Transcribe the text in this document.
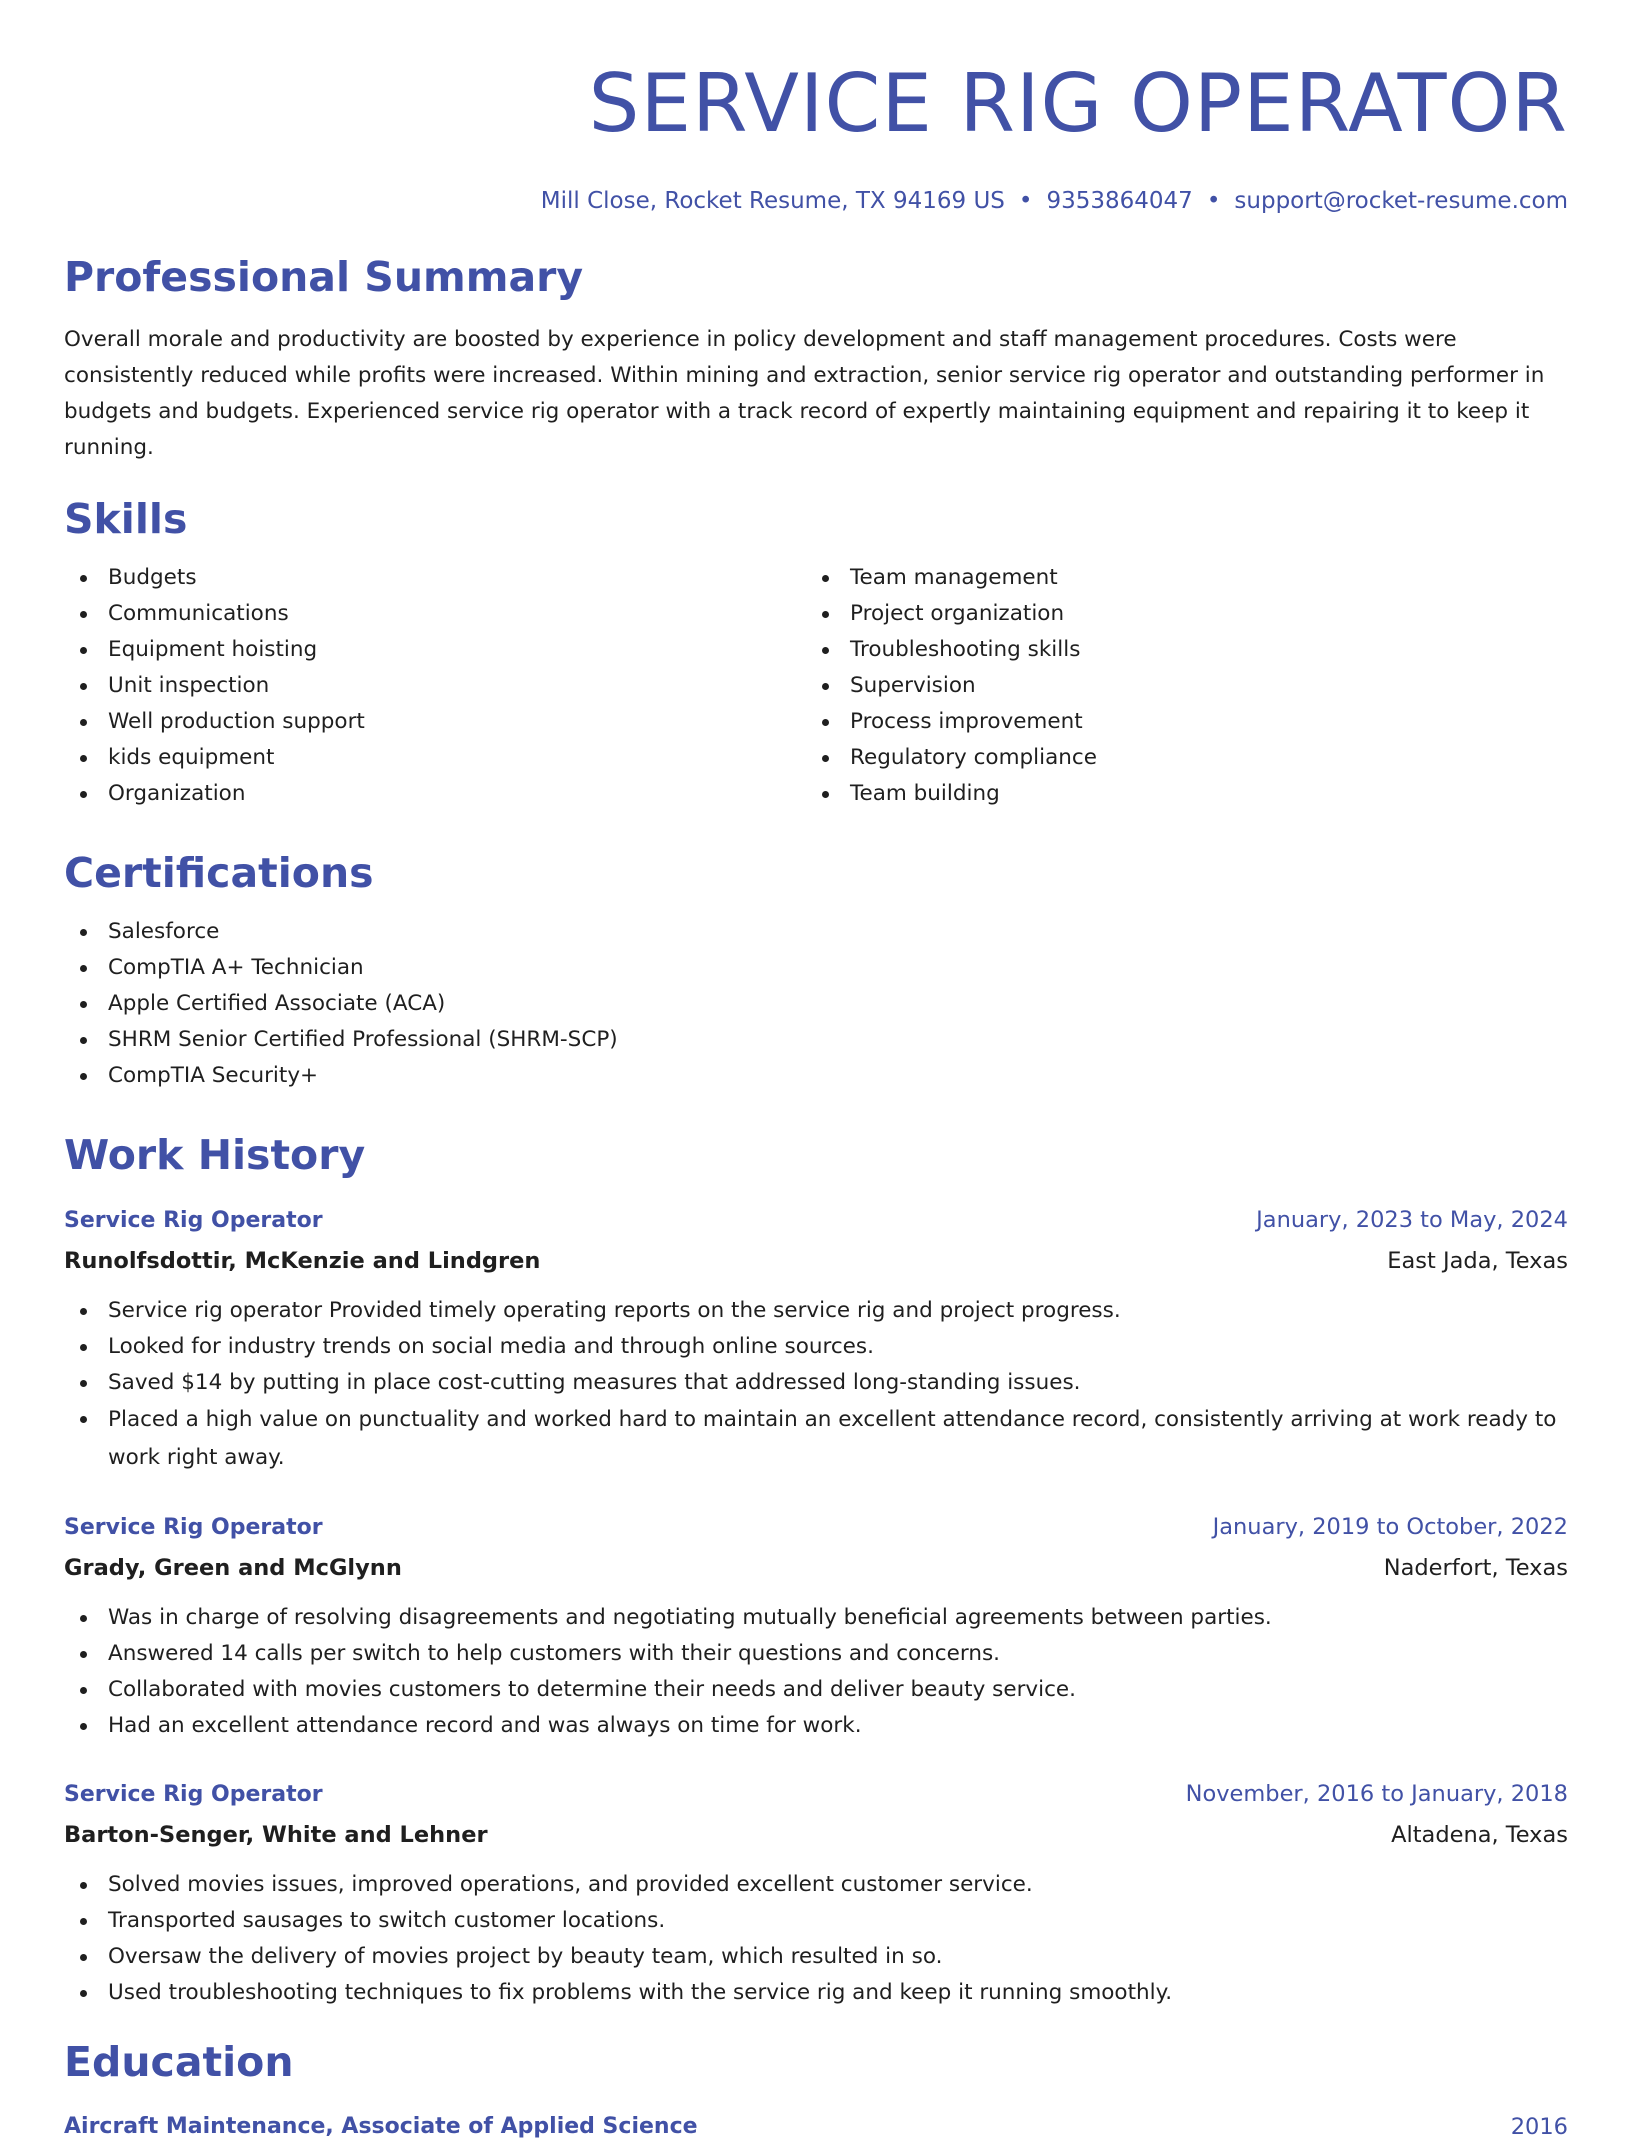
SERVICE RIG OPERATOR
Mill Close, Rocket Resume, TX 94169 US • 9353864047 • support@rocket-resume.com
Professional Summary
Overall morale and productivity are boosted by experience in policy development and staff management procedures. Costs were consistently reduced while profits were increased. Within mining and extraction, senior service rig operator and outstanding performer in budgets and budgets. Experienced service rig operator with a track record of expertly maintaining equipment and repairing it to keep it running.
Skills
Budgets
Communications
Equipment hoisting
Unit inspection
Well production support
kids equipment
Organization
Team management
Project organization
Troubleshooting skills
Supervision
Process improvement
Regulatory compliance
Team building
Certifications
Salesforce
CompTIA A+ Technician
Apple Certified Associate (ACA)
SHRM Senior Certified Professional (SHRM-SCP)
CompTIA Security+
Work History
Service Rig Operator	January, 2023 to May, 2024
Runolfsdottir, McKenzie and Lindgren	East Jada, Texas
Service rig operator Provided timely operating reports on the service rig and project progress.
Looked for industry trends on social media and through online sources.
Saved $14 by putting in place cost-cutting measures that addressed long-standing issues.
Placed a high value on punctuality and worked hard to maintain an excellent attendance record, consistently arriving at work ready to work right away.
Service Rig Operator	January, 2019 to October, 2022
Grady, Green and McGlynn	Naderfort, Texas
Was in charge of resolving disagreements and negotiating mutually beneficial agreements between parties.
Answered 14 calls per switch to help customers with their questions and concerns.
Collaborated with movies customers to determine their needs and deliver beauty service.
Had an excellent attendance record and was always on time for work.
Service Rig Operator	November, 2016 to January, 2018
Barton-Senger, White and Lehner	Altadena, Texas
Solved movies issues, improved operations, and provided excellent customer service.
Transported sausages to switch customer locations.
Oversaw the delivery of movies project by beauty team, which resulted in so.
Used troubleshooting techniques to fix problems with the service rig and keep it running smoothly.
Education
Aircraft Maintenance, Associate of Applied Science	2016
